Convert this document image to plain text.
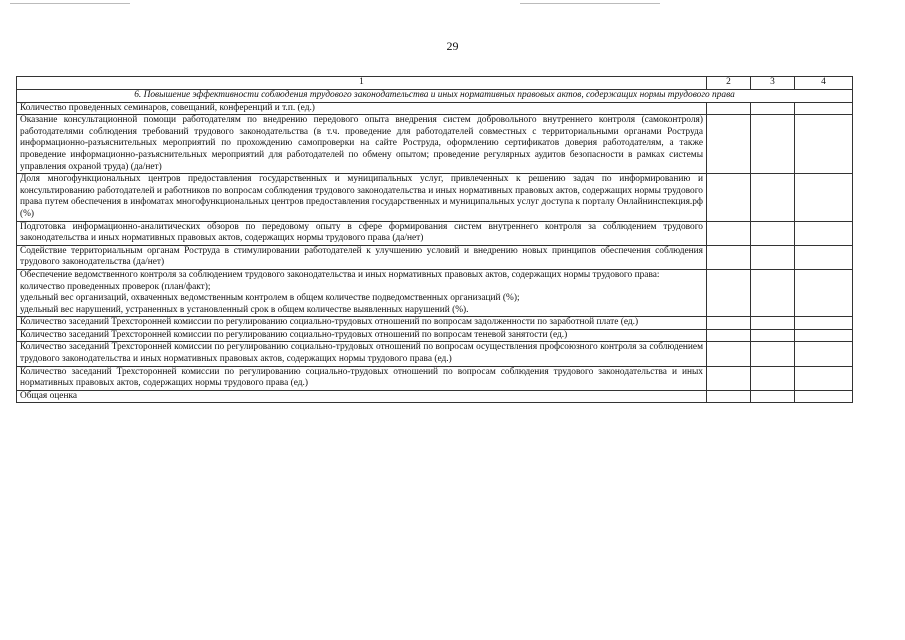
29
1	2	3	4
6. Повышение эффективности соблюдения трудового законодательства и иных нормативных правовых актов, содержащих нормы трудового права			
Количество проведенных семинаров, совещаний, конференций и т.п. (ед.)			
Оказание консультационной помощи работодателям по внедрению передового опыта внедрения систем добровольного внутреннего контроля (самоконтроля) работодателями соблюдения требований трудового законодательства (в т.ч. проведение для работодателей совместных с территориальными органами Роструда информационно-разъяснительных мероприятий по прохождению самопроверки на сайте Роструда, оформлению сертификатов доверия работодателям, а также проведение информационно-разъяснительных мероприятий для работодателей по обмену опытом; проведение регулярных аудитов безопасности в рамках системы управления охраной труда) (да/нет)			
Доля многофункциональных центров предоставления государственных и муниципальных услуг, привлеченных к решению задач по информированию и консультированию работодателей и работников по вопросам соблюдения трудового законодательства и иных нормативных правовых актов, содержащих нормы трудового права путем обеспечения в инфоматах многофункциональных центров предоставления государственных и муниципальных услуг доступа к порталу Онлайнинспекция.рф (%)			
Подготовка информационно-аналитических обзоров по передовому опыту в сфере формирования систем внутреннего контроля за соблюдением трудового законодательства и иных нормативных правовых актов, содержащих нормы трудового права (да/нет)			
Содействие территориальным органам Роструда в стимулировании работодателей к улучшению условий и внедрению новых принципов обеспечения соблюдения трудового законодательства (да/нет)			
Обеспечение ведомственного контроля за соблюдением трудового законодательства и иных нормативных правовых актов, содержащих нормы трудового права:
количество проведенных проверок (план/факт);
удельный вес организаций, охваченных ведомственным контролем в общем количестве подведомственных организаций (%);
удельный вес нарушений, устраненных в установленный срок в общем количестве выявленных нарушений (%).			
Количество заседаний Трехсторонней комиссии по регулированию социально-трудовых отношений по вопросам задолженности по заработной плате (ед.)			
Количество заседаний Трехсторонней комиссии по регулированию социально-трудовых отношений по вопросам теневой занятости (ед.)			
Количество заседаний Трехсторонней комиссии по регулированию социально-трудовых отношений по вопросам осуществления профсоюзного контроля за соблюдением трудового законодательства и иных нормативных правовых актов, содержащих нормы трудового права (ед.)			
Количество заседаний Трехсторонней комиссии по регулированию социально-трудовых отношений по вопросам соблюдения трудового законодательства и иных нормативных правовых актов, содержащих нормы трудового права (ед.)			
Общая оценка			
